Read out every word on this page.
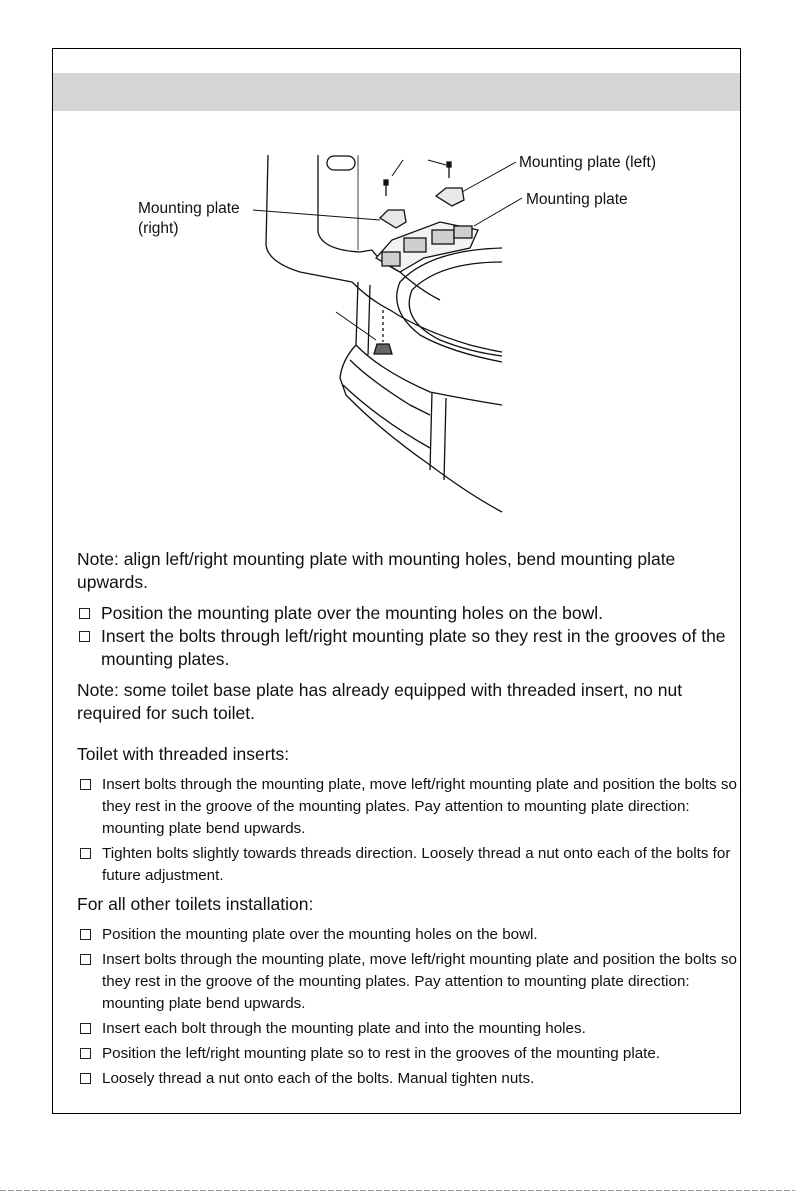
Mounting plate (left)
Mounting plate
Mounting plate
(right)

Note: align left/right mounting plate with mounting holes, bend mounting plate upwards.

Position the mounting plate over the mounting holes on the bowl.
Insert the bolts through left/right mounting plate so they rest in the grooves of the mounting plates.

Note: some toilet base plate has already equipped with threaded insert, no nut required for such toilet.

Toilet with threaded inserts:
Insert bolts through the mounting plate, move left/right mounting plate and position the bolts so they rest in the groove of the mounting plates. Pay attention to mounting plate direction: mounting plate bend upwards.
Tighten bolts slightly towards threads direction. Loosely thread a nut onto each of the bolts for future adjustment.
For all other toilets installation:
Position the mounting plate over the mounting holes on the bowl.
Insert bolts through the mounting plate, move left/right mounting plate and position the bolts so they rest in the groove of the mounting plates. Pay attention to mounting plate direction: mounting plate bend upwards.
Insert each bolt through the mounting plate and into the mounting holes.
Position the left/right mounting plate so to rest in the grooves of the mounting plate.
Loosely thread a nut onto each of the bolts. Manual tighten nuts.
